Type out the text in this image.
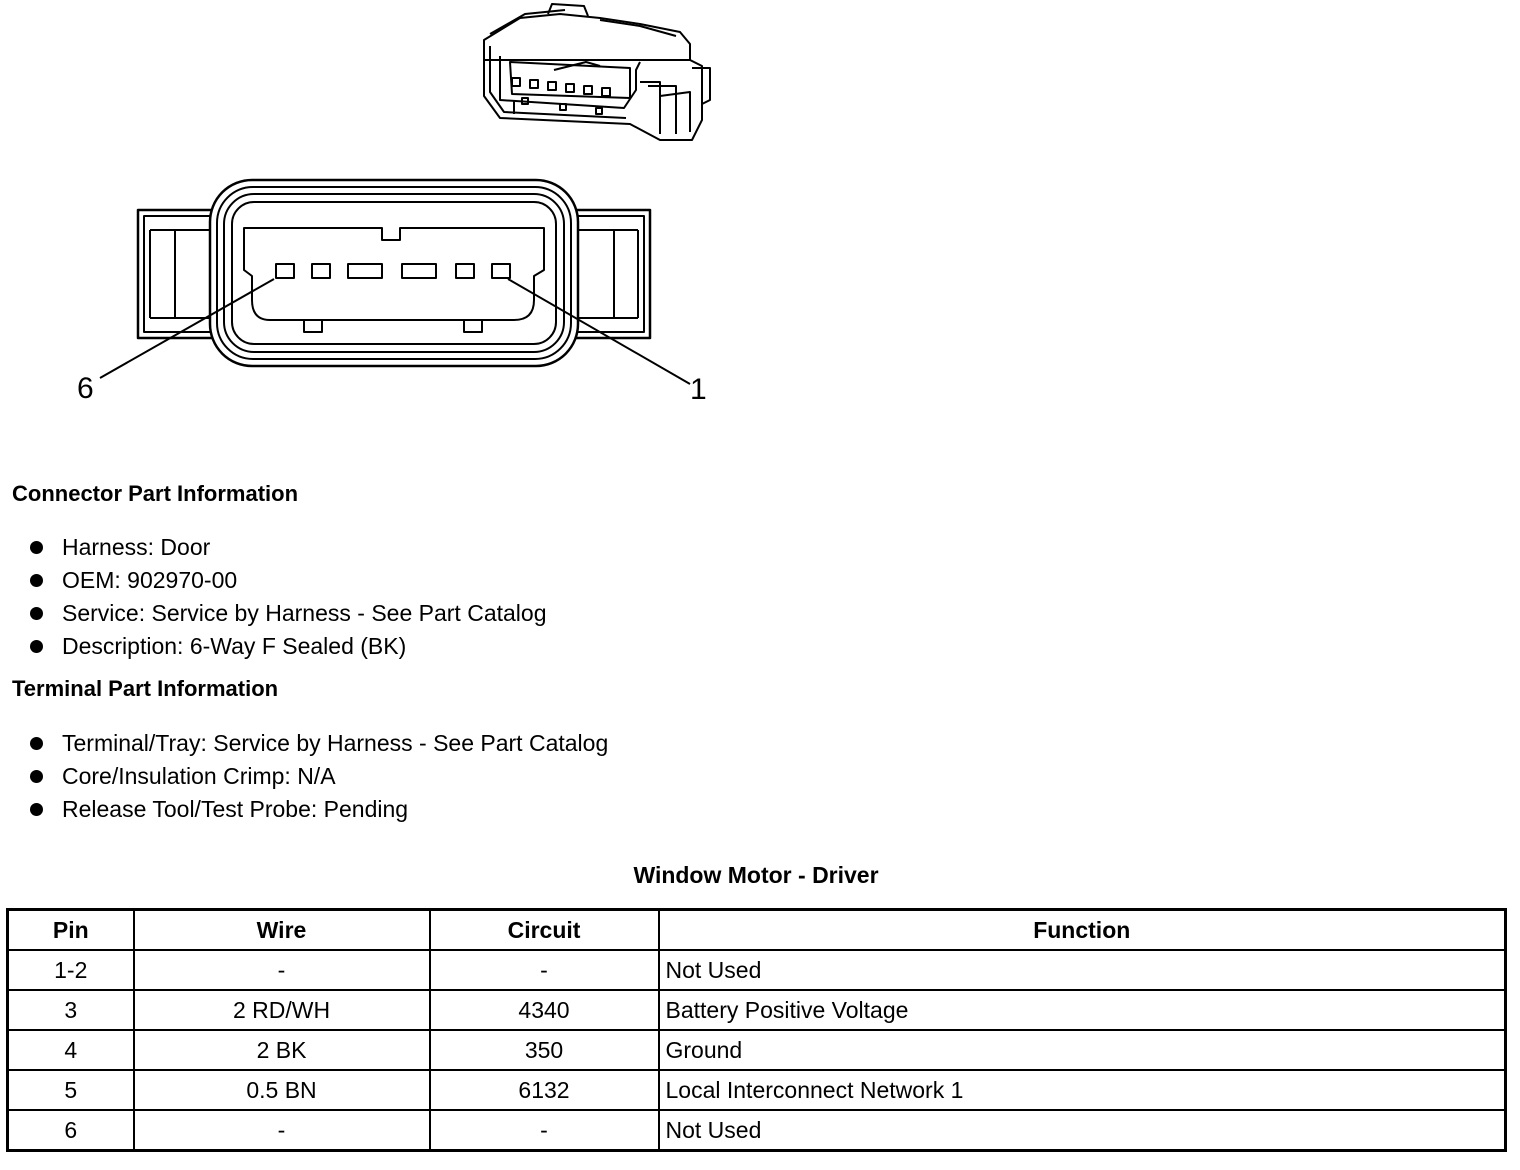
6	1
Connector Part Information
Harness: Door
OEM: 902970-00
Service: Service by Harness - See Part Catalog
Description: 6-Way F Sealed (BK)
Terminal Part Information
Terminal/Tray: Service by Harness - See Part Catalog
Core/Insulation Crimp: N/A
Release Tool/Test Probe: Pending
Window Motor - Driver
Pin	Wire	Circuit	Function
1-2	-	-	Not Used
3	2 RD/WH	4340	Battery Positive Voltage
4	2 BK	350	Ground
5	0.5 BN	6132	Local Interconnect Network 1
6	-	-	Not Used
